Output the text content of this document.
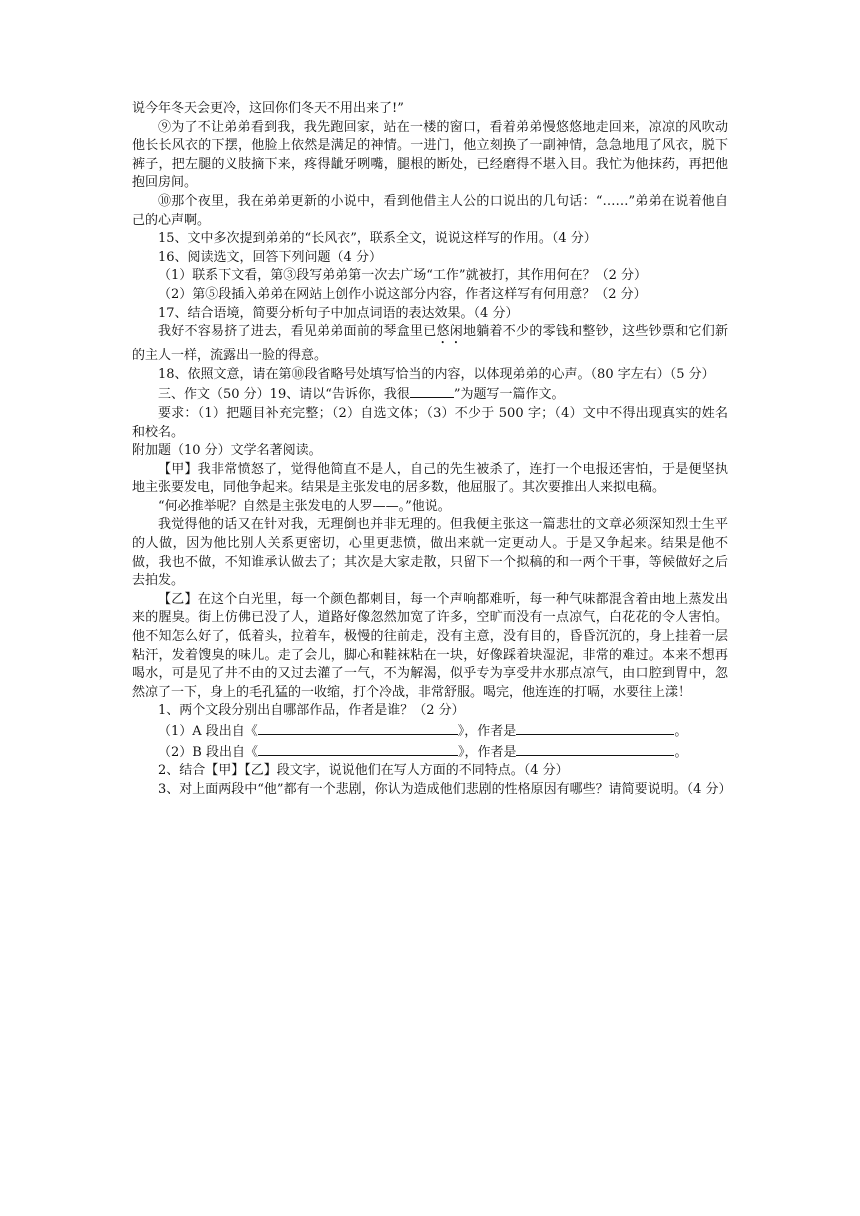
说今年冬天会更冷，这回你们冬天不用出来了!”

⑨为了不让弟弟看到我，我先跑回家，站在一楼的窗口，看着弟弟慢悠悠地走回来，凉凉的风吹动他长长风衣的下摆，他脸上依然是满足的神情。一进门，他立刻换了一副神情，急急地甩了风衣，脱下裤子，把左腿的义肢摘下来，疼得龇牙咧嘴，腿根的断处，已经磨得不堪入目。我忙为他抹药，再把他抱回房间。

⑩那个夜里，我在弟弟更新的小说中，看到他借主人公的口说出的几句话：“……”弟弟在说着他自己的心声啊。

15、文中多次提到弟弟的“长风衣”，联系全文，说说这样写的作用。（4 分）

16、阅读选文，回答下列问题（4 分）

（1）联系下文看，第③段写弟弟第一次去广场“工作”就被打，其作用何在？（2 分）

（2）第⑤段插入弟弟在网站上创作小说这部分内容，作者这样写有何用意？（2 分）

17、结合语境，简要分析句子中加点词语的表达效果。（4 分）

我好不容易挤了进去，看见弟弟面前的琴盒里已悠闲地躺着不少的零钱和整钞，这些钞票和它们新的主人一样，流露出一脸的得意。

18、依照文意，请在第⑩段省略号处填写恰当的内容，以体现弟弟的心声。（80 字左右）（5 分）

三、作文（50 分）19、请以“告诉你，我很	”为题写一篇作文。

要求：（1）把题目补充完整；（2）自选文体；（3）不少于 500 字；（4）文中不得出现真实的姓名和校名。

附加题（10 分）文学名著阅读。

【甲】我非常愤怒了，觉得他简直不是人，自己的先生被杀了，连打一个电报还害怕，于是便坚执地主张要发电，同他争起来。结果是主张发电的居多数，他屈服了。其次要推出人来拟电稿。

“何必推举呢？自然是主张发电的人罗——。”他说。

我觉得他的话又在针对我，无理倒也并非无理的。但我便主张这一篇悲壮的文章必须深知烈士生平的人做，因为他比别人关系更密切，心里更悲愤，做出来就一定更动人。于是又争起来。结果是他不做，我也不做，不知谁承认做去了；其次是大家走散，只留下一个拟稿的和一两个干事，等候做好之后去拍发。

【乙】在这个白光里，每一个颜色都刺目，每一个声响都难听，每一种气味都混含着由地上蒸发出来的腥臭。街上仿佛已没了人，道路好像忽然加宽了许多，空旷而没有一点凉气，白花花的令人害怕。他不知怎么好了，低着头，拉着车，极慢的往前走，没有主意，没有目的，昏昏沉沉的，身上挂着一层粘汗，发着馊臭的味儿。走了会儿，脚心和鞋袜粘在一块，好像踩着块湿泥，非常的难过。本来不想再喝水，可是见了井不由的又过去灌了一气，不为解渴，似乎专为享受井水那点凉气，由口腔到胃中，忽然凉了一下，身上的毛孔猛的一收缩，打个冷战，非常舒服。喝完，他连连的打嗝，水要往上漾！

1、两个文段分别出自哪部作品，作者是谁？（2 分）

（1）A 段出自《	》，作者是	。

（2）B 段出自《	》，作者是	。

2、结合【甲】【乙】段文字，说说他们在写人方面的不同特点。（4 分）

3、对上面两段中“他”都有一个悲剧，你认为造成他们悲剧的性格原因有哪些？请简要说明。（4 分）
